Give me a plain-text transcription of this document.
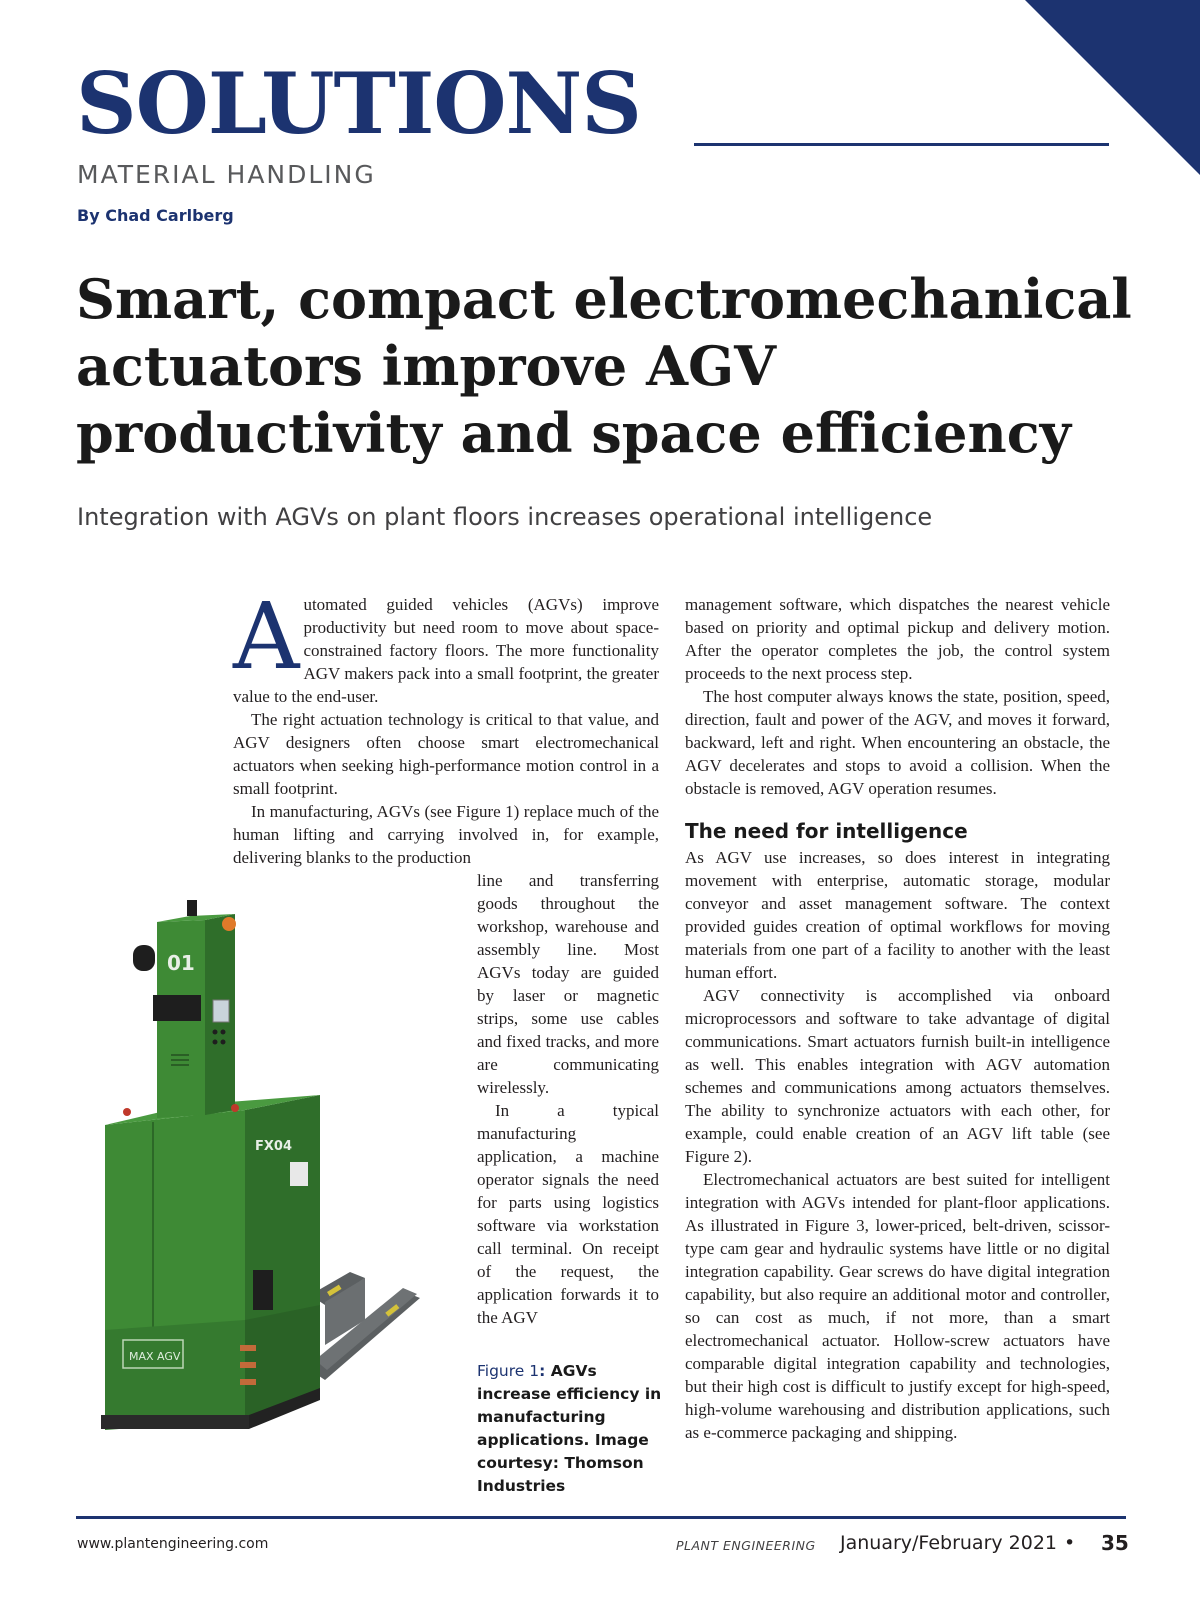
SOLUTIONS

MATERIAL HANDLING

By Chad Carlberg

Smart, compact electromechanical actuators improve AGV productivity and space efficiency

Integration with AGVs on plant floors increases operational intelligence

Automated guided vehicles (AGVs) improve productivity but need room to move about space-constrained factory floors. The more functionality AGV makers pack into a small footprint, the greater value to the end-user.

The right actuation technology is critical to that value, and AGV designers often choose smart electromechanical actuators when seeking high-performance motion control in a small footprint.

In manufacturing, AGVs (see Figure 1) replace much of the human lifting and carrying involved in, for example, delivering blanks to the production

line and transferring goods throughout the workshop, warehouse and assembly line. Most AGVs today are guided by laser or magnetic strips, some use cables and fixed tracks, and more are communicating wirelessly.

In a typical manufacturing application, a machine operator signals the need for parts using logistics software via workstation call terminal. On receipt of the request, the application forwards it to the AGV

management software, which dispatches the nearest vehicle based on priority and optimal pickup and delivery motion. After the operator completes the job, the control system proceeds to the next process step.

The host computer always knows the state, position, speed, direction, fault and power of the AGV, and moves it forward, backward, left and right. When encountering an obstacle, the AGV decelerates and stops to avoid a collision. When the obstacle is removed, AGV operation resumes.

The need for intelligence

As AGV use increases, so does interest in integrating movement with enterprise, automatic storage, modular conveyor and asset management software. The context provided guides creation of optimal workflows for moving materials from one part of a facility to another with the least human effort.

AGV connectivity is accomplished via onboard microprocessors and software to take advantage of digital communications. Smart actuators furnish built-in intelligence as well. This enables integration with AGV automation schemes and communications among actuators themselves. The ability to synchronize actuators with each other, for example, could enable creation of an AGV lift table (see Figure 2).

Electromechanical actuators are best suited for intelligent integration with AGVs intended for plant-floor applications. As illustrated in Figure 3, lower-priced, belt-driven, scissor-type cam gear and hydraulic systems have little or no digital integration capability. Gear screws do have digital integration capability, but also require an additional motor and controller, so can cost as much, if not more, than a smart electromechanical actuator. Hollow-screw actuators have comparable digital integration capability and technologies, but their high cost is difficult to justify except for high-speed, high-volume warehousing and distribution applications, such as e-commerce packaging and shipping.

MAX AGV
FX04
01

Figure 1: AGVs increase efficiency in manufacturing applications. Image courtesy: Thomson Industries

www.plantengineering.com	PLANT ENGINEERING January/February 2021 • 35
